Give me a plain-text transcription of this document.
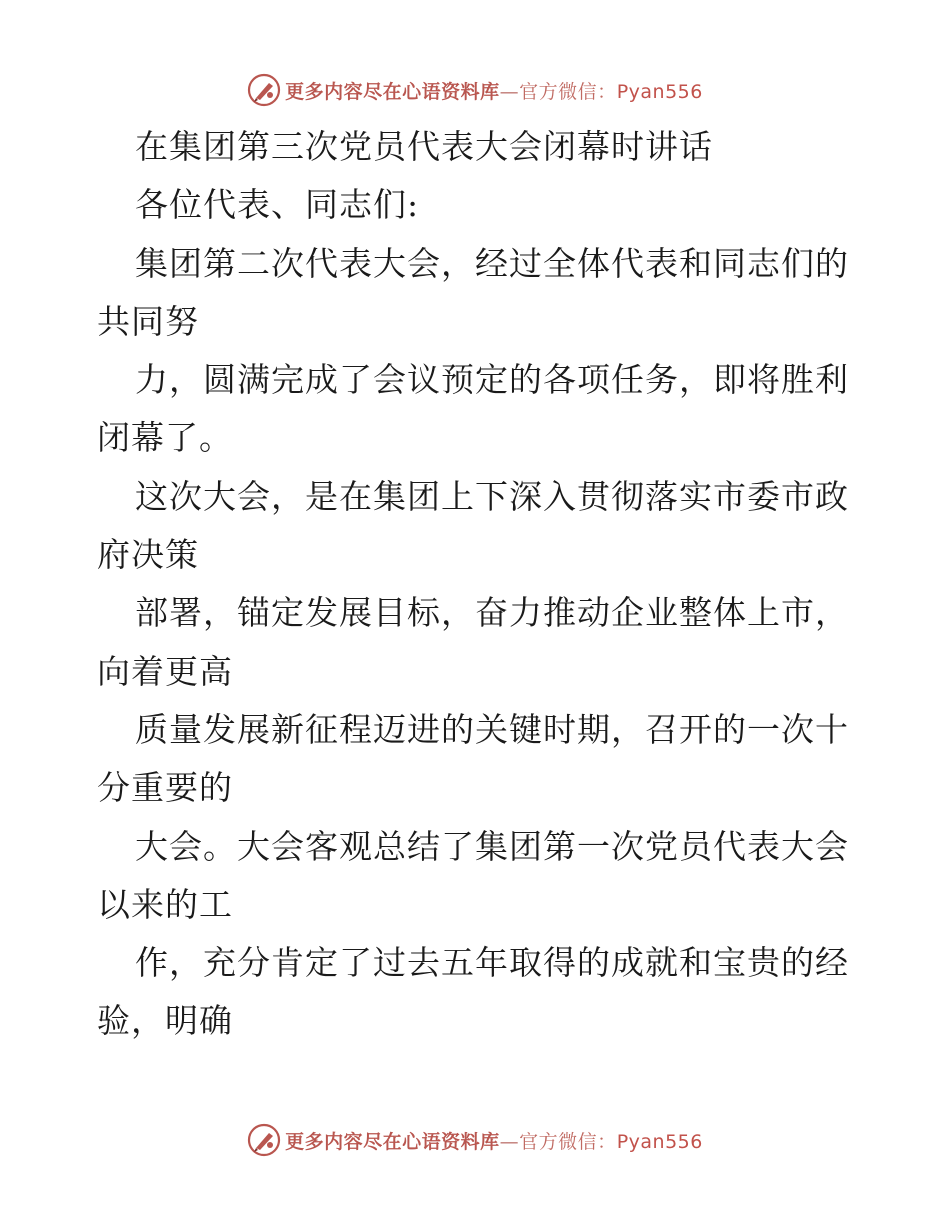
更多内容尽在心语资料库—官方微信：Pyan556
在集团第三次党员代表大会闭幕时讲话
各位代表、同志们:
集团第二次代表大会，经过全体代表和同志们的
共同努
力，圆满完成了会议预定的各项任务，即将胜利
闭幕了。
这次大会，是在集团上下深入贯彻落实市委市政
府决策
部署，锚定发展目标，奋力推动企业整体上市，
向着更高
质量发展新征程迈进的关键时期，召开的一次十
分重要的
大会。大会客观总结了集团第一次党员代表大会
以来的工
作，充分肯定了过去五年取得的成就和宝贵的经
验，明确
更多内容尽在心语资料库—官方微信：Pyan556
